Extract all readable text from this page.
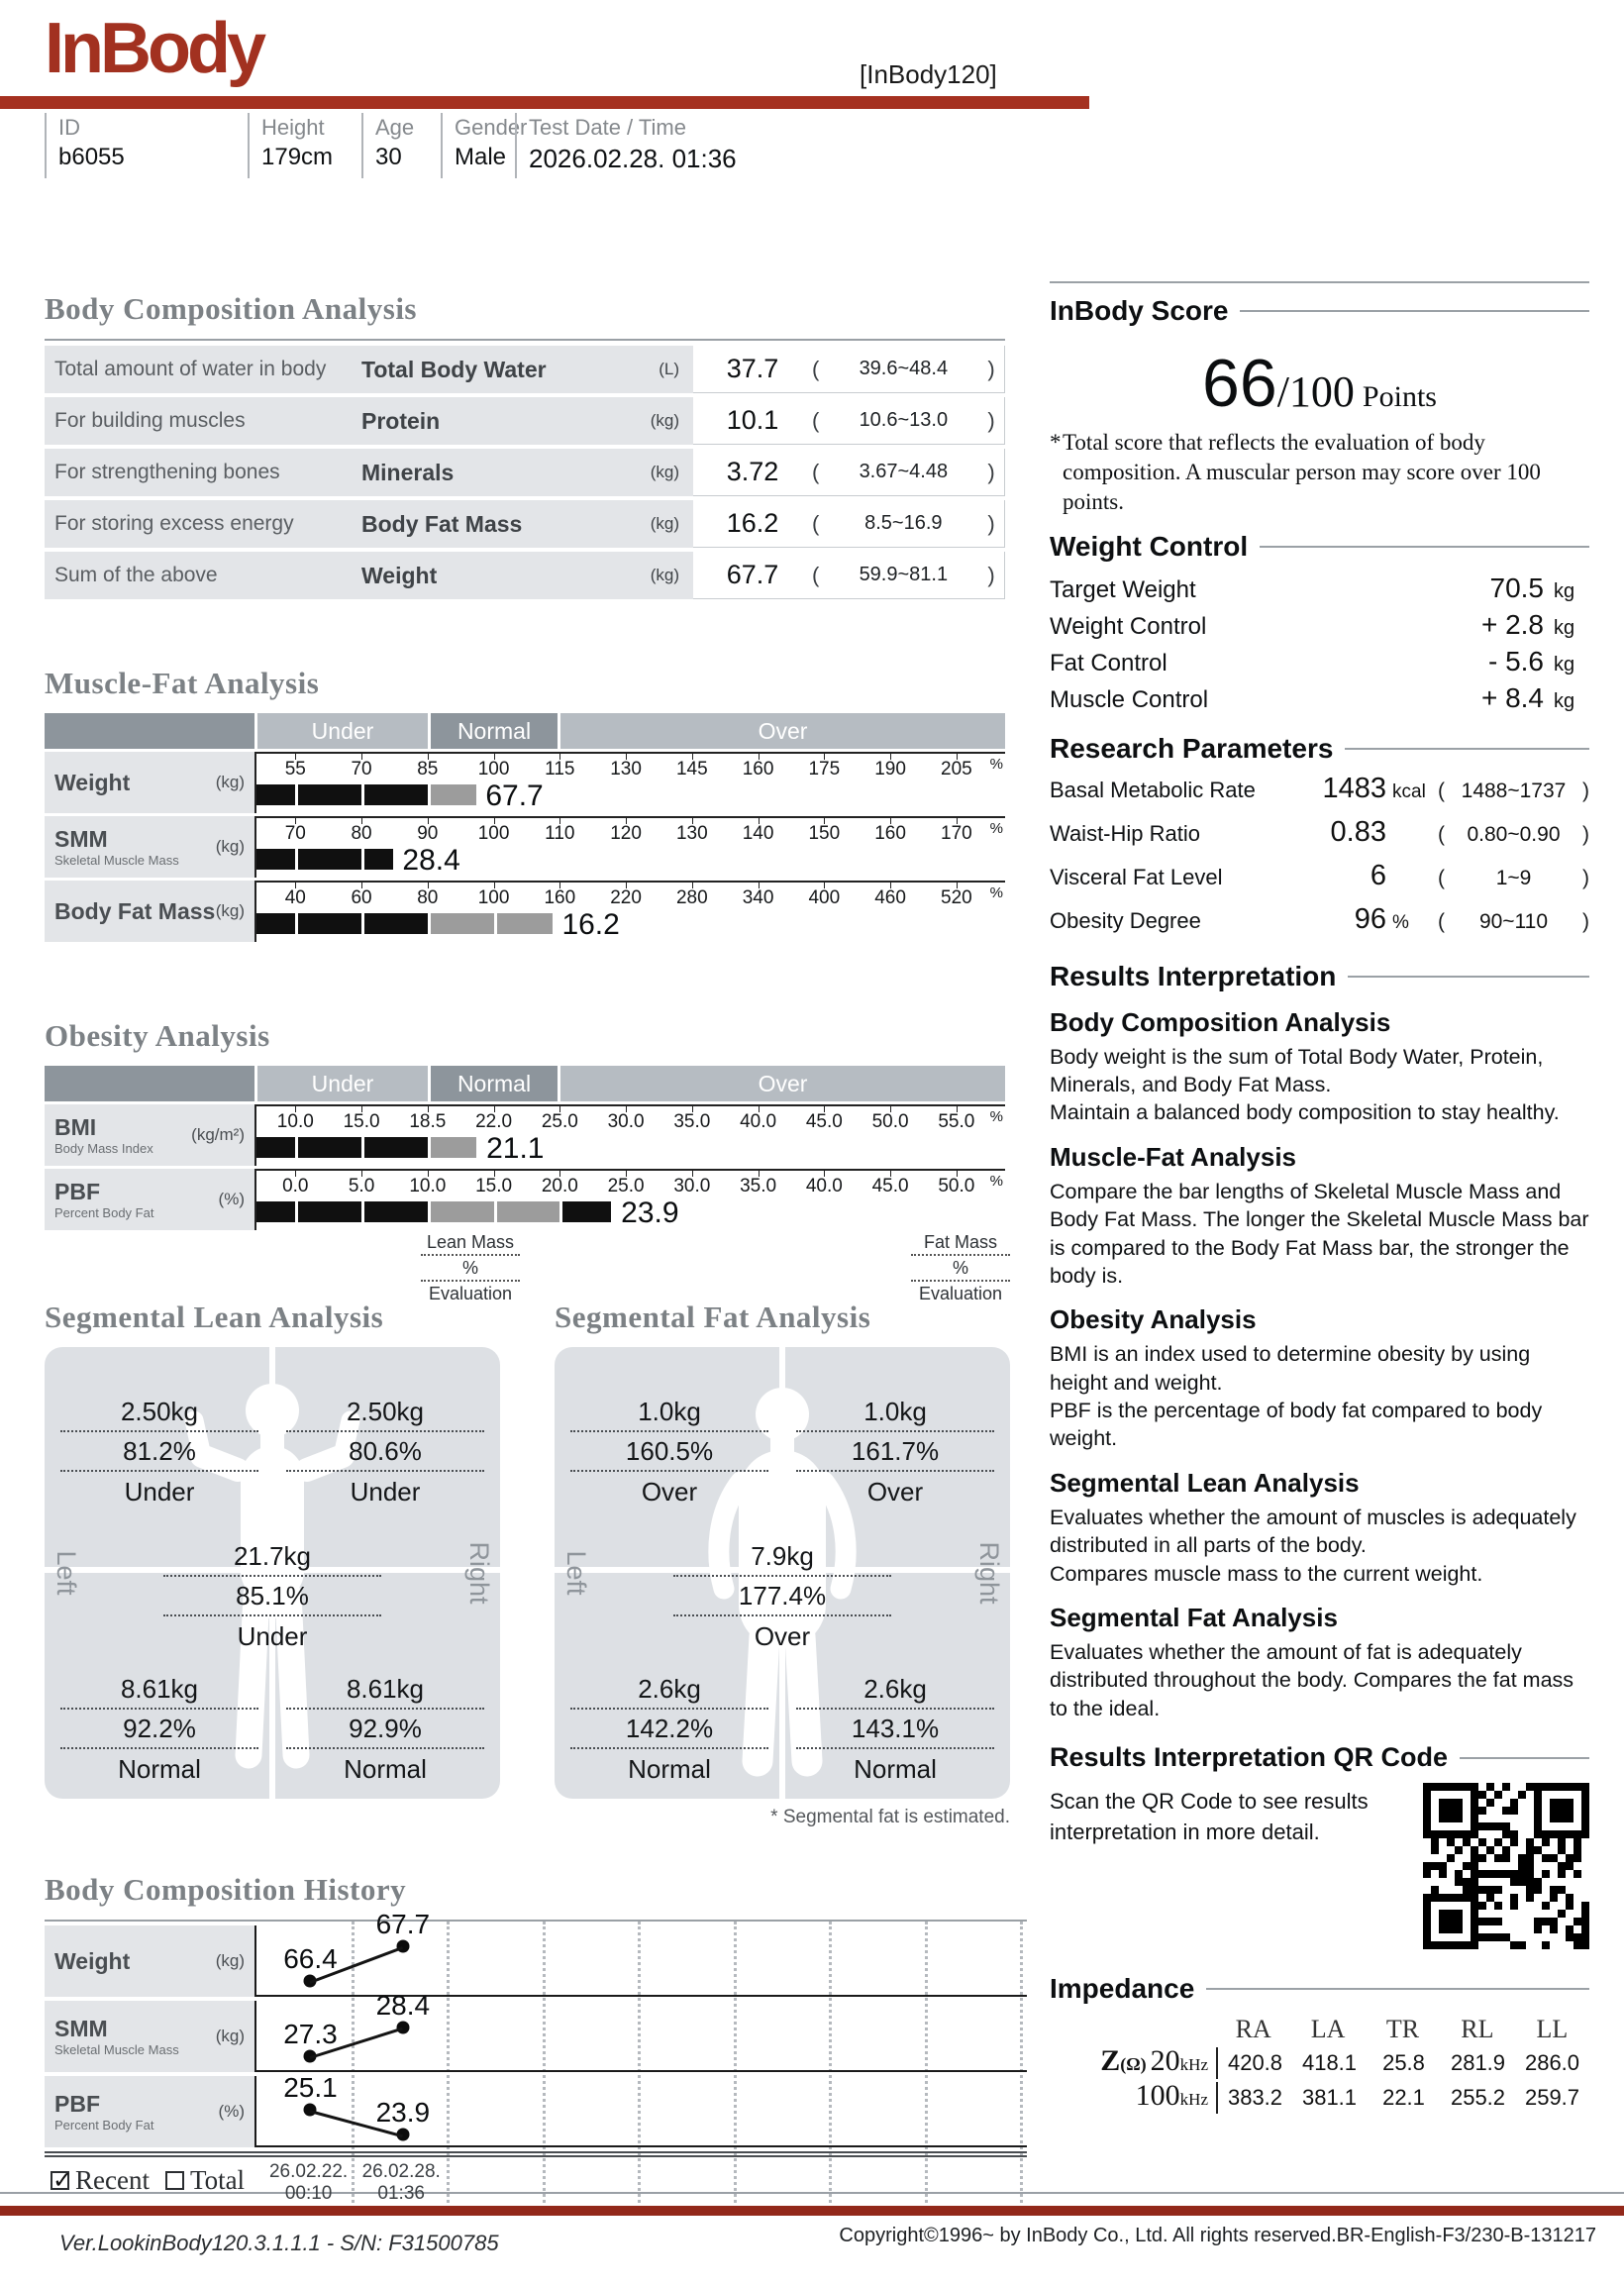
InBody	[InBody120]
ID
b6055
Height
179cm
Age
30
Gender
Male
Test Date / Time
2026.02.28. 01:36
Body Composition Analysis
Total amount of water in body	Total Body Water	(L)	37.7	(	39.6~48.4	)
For building muscles	Protein	(kg)	10.1	(	10.6~13.0	)
For strengthening bones	Minerals	(kg)	3.72	(	3.67~4.48	)
For storing excess energy	Body Fat Mass	(kg)	16.2	(	8.5~16.9	)
Sum of the above	Weight	(kg)	67.7	(	59.9~81.1	)
Muscle-Fat Analysis
Under	Normal	Over
Weight	(kg)
55 70 85 100 115 130 145 160 175 190 205 %
67.7
SMM
Skeletal Muscle Mass
(kg)
70 80 90 100 110 120 130 140 150 160 170 %
28.4
Body Fat Mass (kg)
40 60 80 100 160 220 280 340 400 460 520 %
16.2
Obesity Analysis
Under	Normal	Over
BMI
Body Mass Index
(kg/m²)
10.0 15.0 18.5 22.0 25.0 30.0 35.0 40.0 45.0 50.0 55.0 %
21.1
PBF
Percent Body Fat
(%)
0.0 5.0 10.0 15.0 20.0 25.0 30.0 35.0 40.0 45.0 50.0 %
23.9
Lean Mass
%
Evaluation
Fat Mass
%
Evaluation
Segmental Lean Analysis
Left	Right
2.50kg
81.2%
Under
2.50kg
80.6%
Under
21.7kg
85.1%
Under
8.61kg
92.2%
Normal
8.61kg
92.9%
Normal
Segmental Fat Analysis
Left	Right
1.0kg
160.5%
Over
1.0kg
161.7%
Over
7.9kg
177.4%
Over
2.6kg
142.2%
Normal
2.6kg
143.1%
Normal
* Segmental fat is estimated.
Body Composition History
Weight	(kg) 66.4
67.7
SMM
Skeletal Muscle Mass
(kg) 27.3
28.4
PBF
Percent Body Fat
(%)
25.1
23.9
✓
Recent Total 26.02.22.
00:10
26.02.28.
01:36
InBody Score
66/100 Points
* Total score that reflects the evaluation of body composition. A muscular person may score over 100 points.
Weight Control
Target Weight	70.5 kg
Weight Control	+ 2.8 kg
Fat Control	- 5.6 kg
Muscle Control	+ 8.4 kg
Research Parameters
Basal Metabolic Rate	1483 kcal ( 1488~1737 )
Waist-Hip Ratio	0.83 (	0.80~0.90	)
Visceral Fat Level	6 (	1~9	)
Obesity Degree	96 %	(	90~110	)
Results Interpretation
Body Composition Analysis
Body weight is the sum of Total Body Water, Protein, Minerals, and Body Fat Mass.
Maintain a balanced body composition to stay healthy.
Muscle-Fat Analysis
Compare the bar lengths of Skeletal Muscle Mass and Body Fat Mass. The longer the Skeletal Muscle Mass bar is compared to the Body Fat Mass bar, the stronger the body is.
Obesity Analysis
BMI is an index used to determine obesity by using height and weight.
PBF is the percentage of body fat compared to body weight.
Segmental Lean Analysis
Evaluates whether the amount of muscles is adequately distributed in all parts of the body.
Compares muscle mass to the current weight.
Segmental Fat Analysis
Evaluates whether the amount of fat is adequately distributed throughout the body. Compares the fat mass to the ideal.
Results Interpretation QR Code
Scan the QR Code to see results interpretation in more detail.
Impedance
RA	LA	TR	RL	LL
Z(Ω) 20kHz 420.8 418.1	25.8	281.9 286.0
100kHz 383.2 381.1	22.1	255.2 259.7
Ver.LookinBody120.3.1.1.1 - S/N: F31500785	Copyright©1996~ by InBody Co., Ltd. All rights reserved.BR-English-F3/230-B-131217
